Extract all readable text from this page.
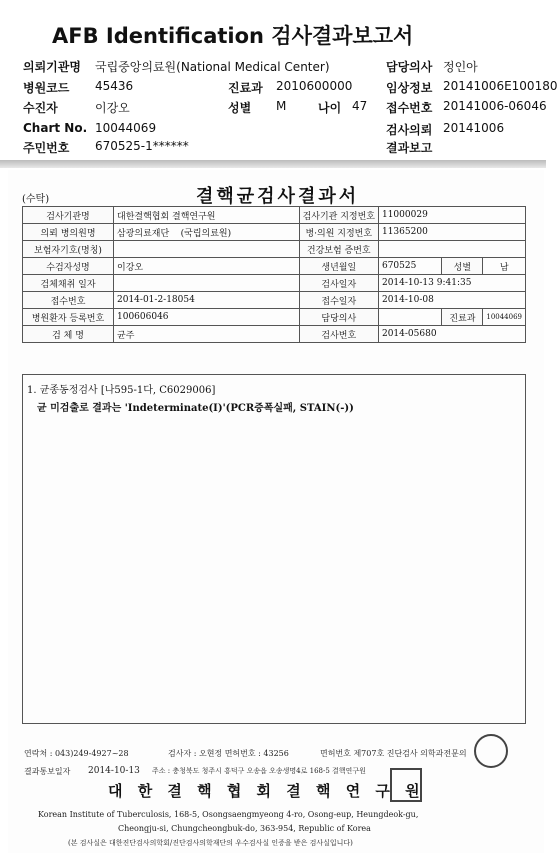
AFB Identification 검사결과보고서
의뢰기관명 국립중앙의료원(National Medical Center)	담당의사 정인아
병원코드 45436	진료과 2010600000	임상정보 20141006E100180
수진자	이강오	성별 M	나이 47 접수번호 20141006-06046
Chart No. 10044069	검사의뢰 20141006
주민번호 670525-1******	결과보고
(수탁)	결핵균검사결과서
검사기관명	대한결핵협회 결핵연구원	검사기관 지정번호	11000029		
의뢰 병의원명	삼광의료재단 (국립의료원)	병·의원 지정번호	11365200		
보험자기호(명칭)		건강보험 증번호			
수검자성명	이강오	생년월일	670525	성별	남
검체채취 일자		검사일자	2014-10-13 9:41:35		
접수번호	2014-01-2-18054	접수일자	2014-10-08		
병원환자 등록번호	100606046	담당의사		진료과	10044069
검 체 명	균주	검사번호	2014-05680		
1. 균종동정검사 [나595-1다, C6029006]
균 미검출로 결과는 'Indeterminate(I)'(PCR증폭실패, STAIN(-))
연락처 : 043)249-4927~28	검사자 : 오현정 면허번호 : 43256	면허번호 제707호 진단검사 의학과전문의
결과통보일자 2014-10-13 주소 : 충청북도 청주시 흥덕구 오송읍 오송생명4로 168-5 결핵연구원
대 한 결 핵 협 회 결 핵 연 구 원
Korean Institute of Tuberculosis, 168-5, Osongsaengmyeong 4-ro, Osong-eup, Heungdeok-gu,
Cheongju-si, Chungcheongbuk-do, 363-954, Republic of Korea
(본 검사실은 대한진단검사의학회/진단검사의학재단의 우수검사실 인증을 받은 검사실입니다)
